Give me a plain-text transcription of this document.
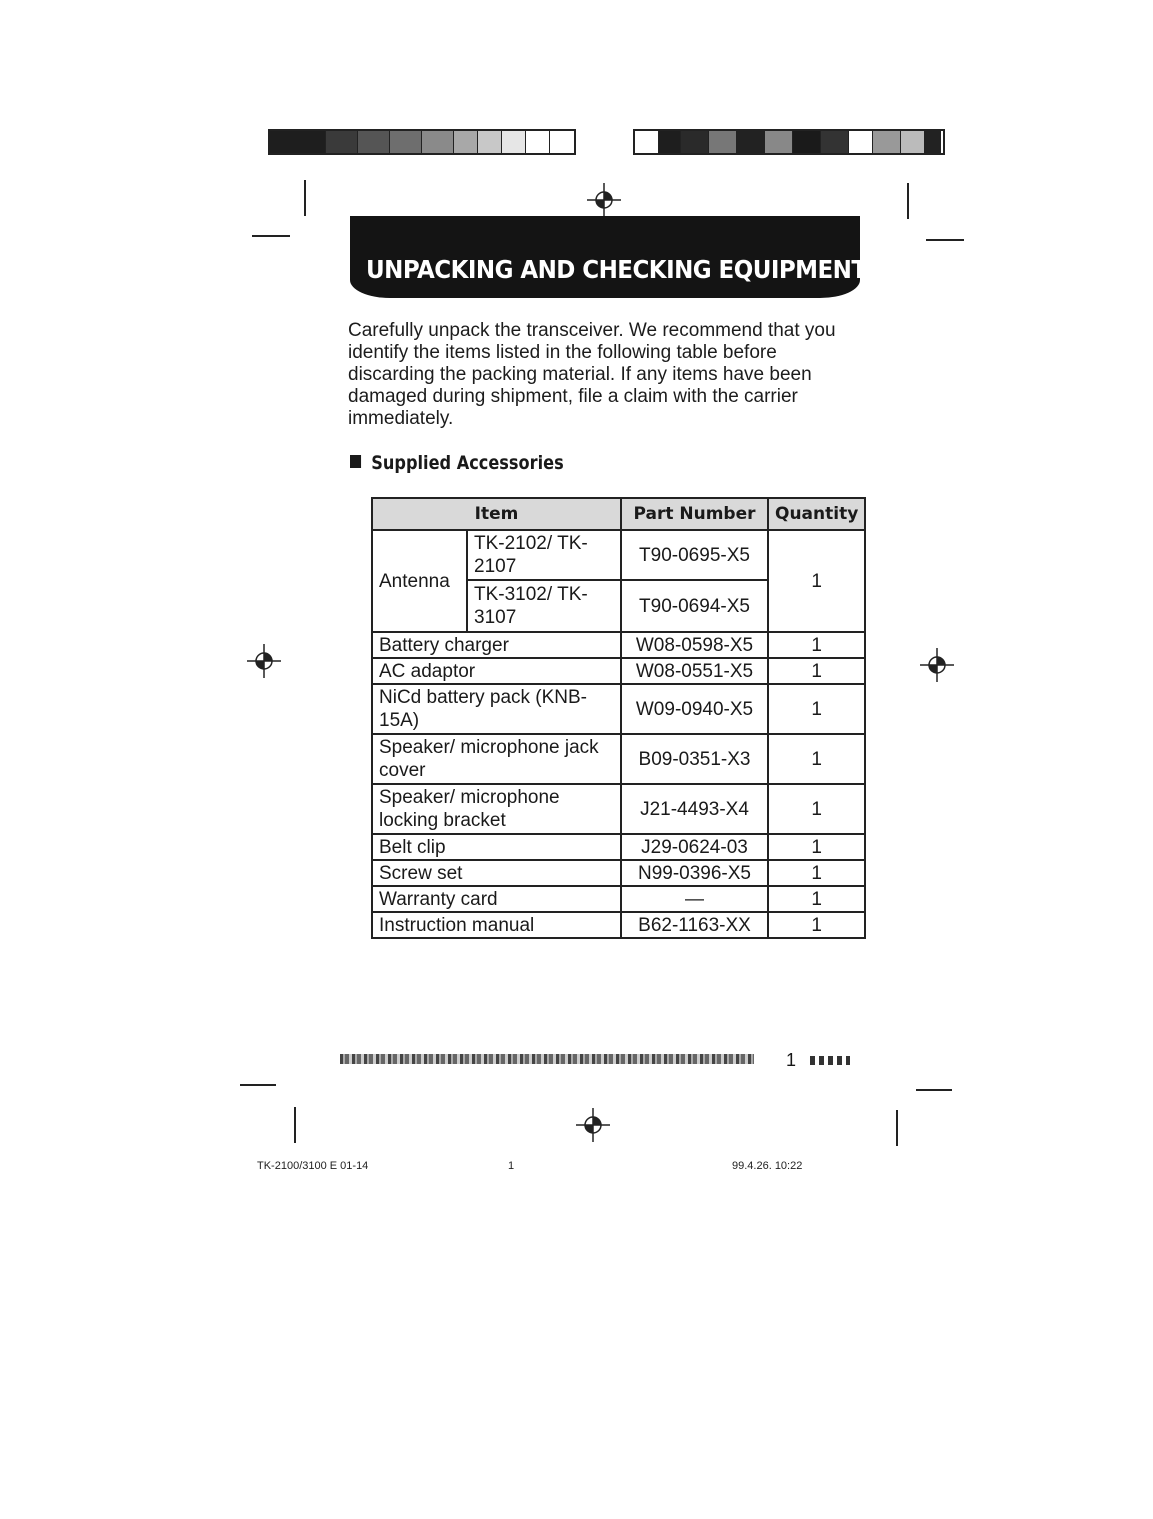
UNPACKING AND CHECKING EQUIPMENT
Carefully unpack the transceiver. We recommend that you identify the items listed in the following table before discarding the packing material. If any items have been damaged during shipment, file a claim with the carrier immediately.
Supplied Accessories
Item		Part Number	Quantity
Antenna	TK-2102/ TK-2107	T90-0695-X5	1
	TK-3102/ TK-3107	T90-0694-X5	
Battery charger		W08-0598-X5	1
AC adaptor		W08-0551-X5	1
NiCd battery pack (KNB-15A)		W09-0940-X5	1
Speaker/ microphone jack cover		B09-0351-X3	1
Speaker/ microphone locking bracket		J21-4493-X4	1
Belt clip		J29-0624-03	1
Screw set		N99-0396-X5	1
Warranty card		—	1
Instruction manual		B62-1163-XX	1
1
TK-2100/3100 E 01-14	1	99.4.26. 10:22
